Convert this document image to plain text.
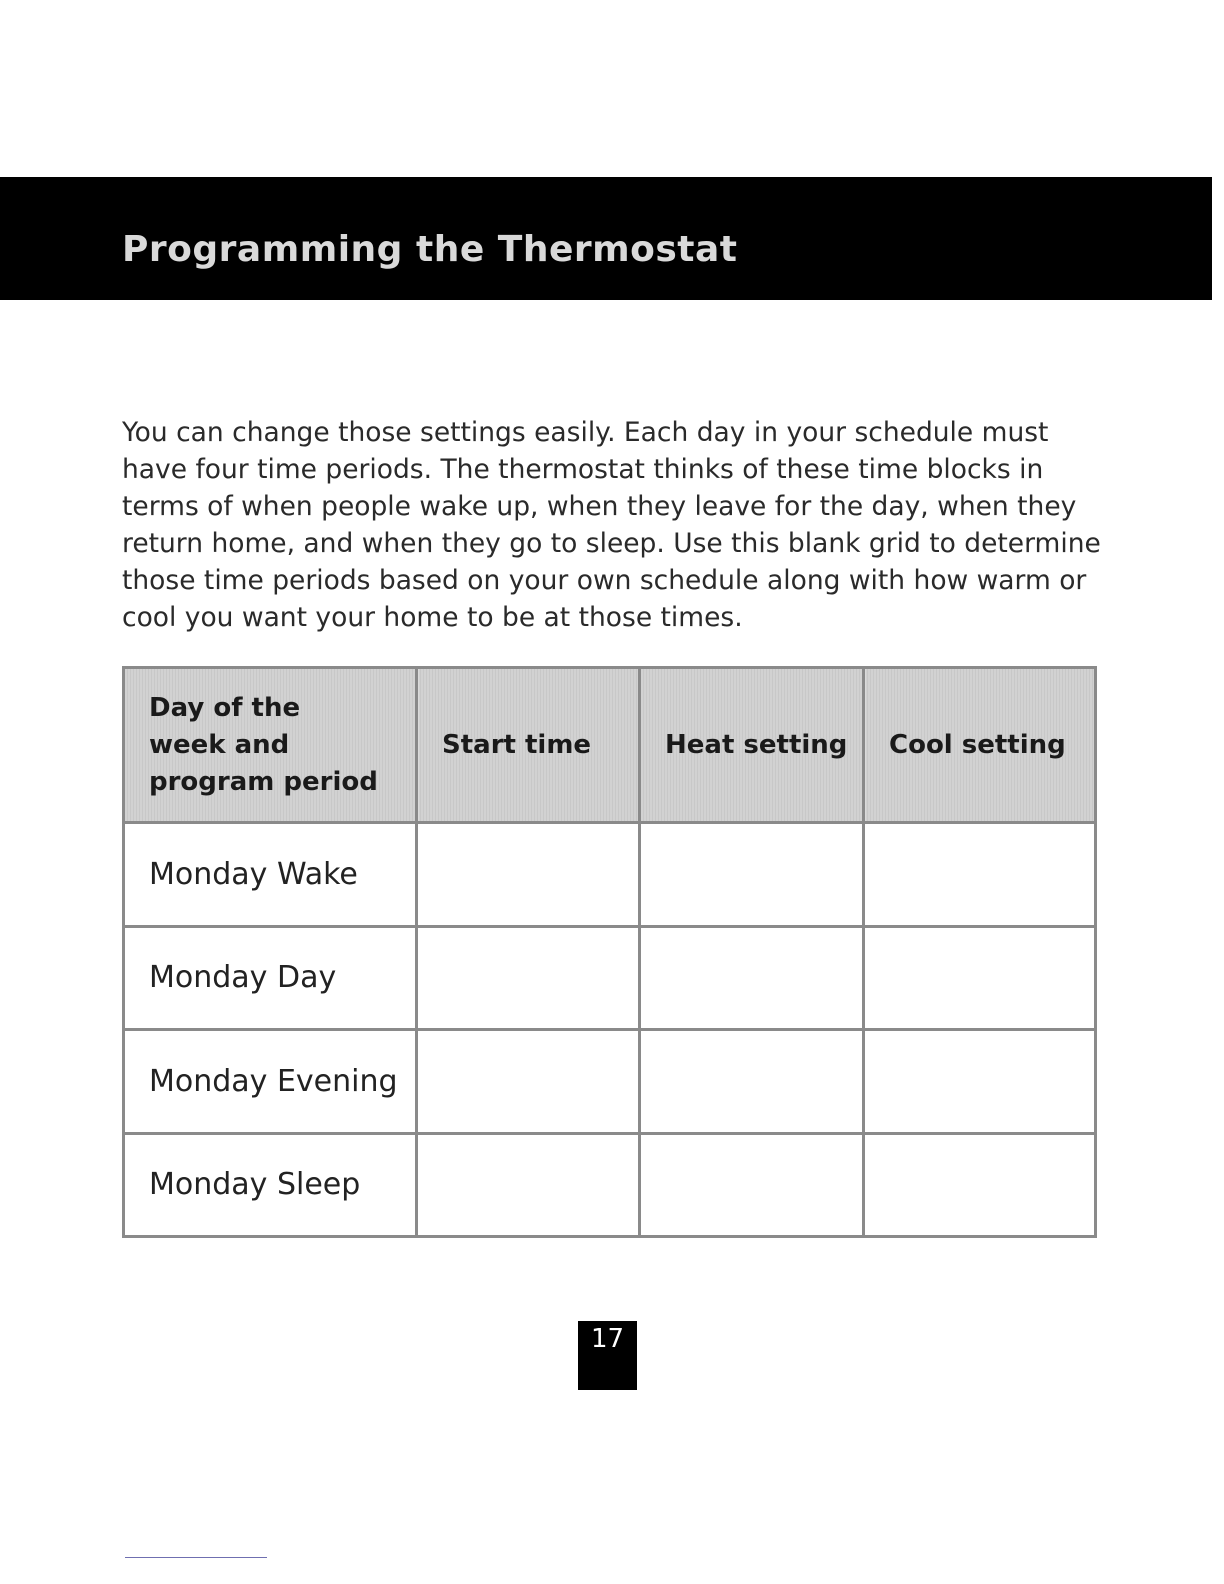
Programming the Thermostat

You can change those settings easily. Each day in your schedule must have four time periods. The thermostat thinks of these time blocks in terms of when people wake up, when they leave for the day, when they return home, and when they go to sleep. Use this blank grid to determine those time periods based on your own schedule along with how warm or cool you want your home to be at those times.

Day of the
week and
program period	Start time	Heat setting	Cool setting
Monday Wake			
Monday Day			
Monday Evening			
Monday Sleep			
17
